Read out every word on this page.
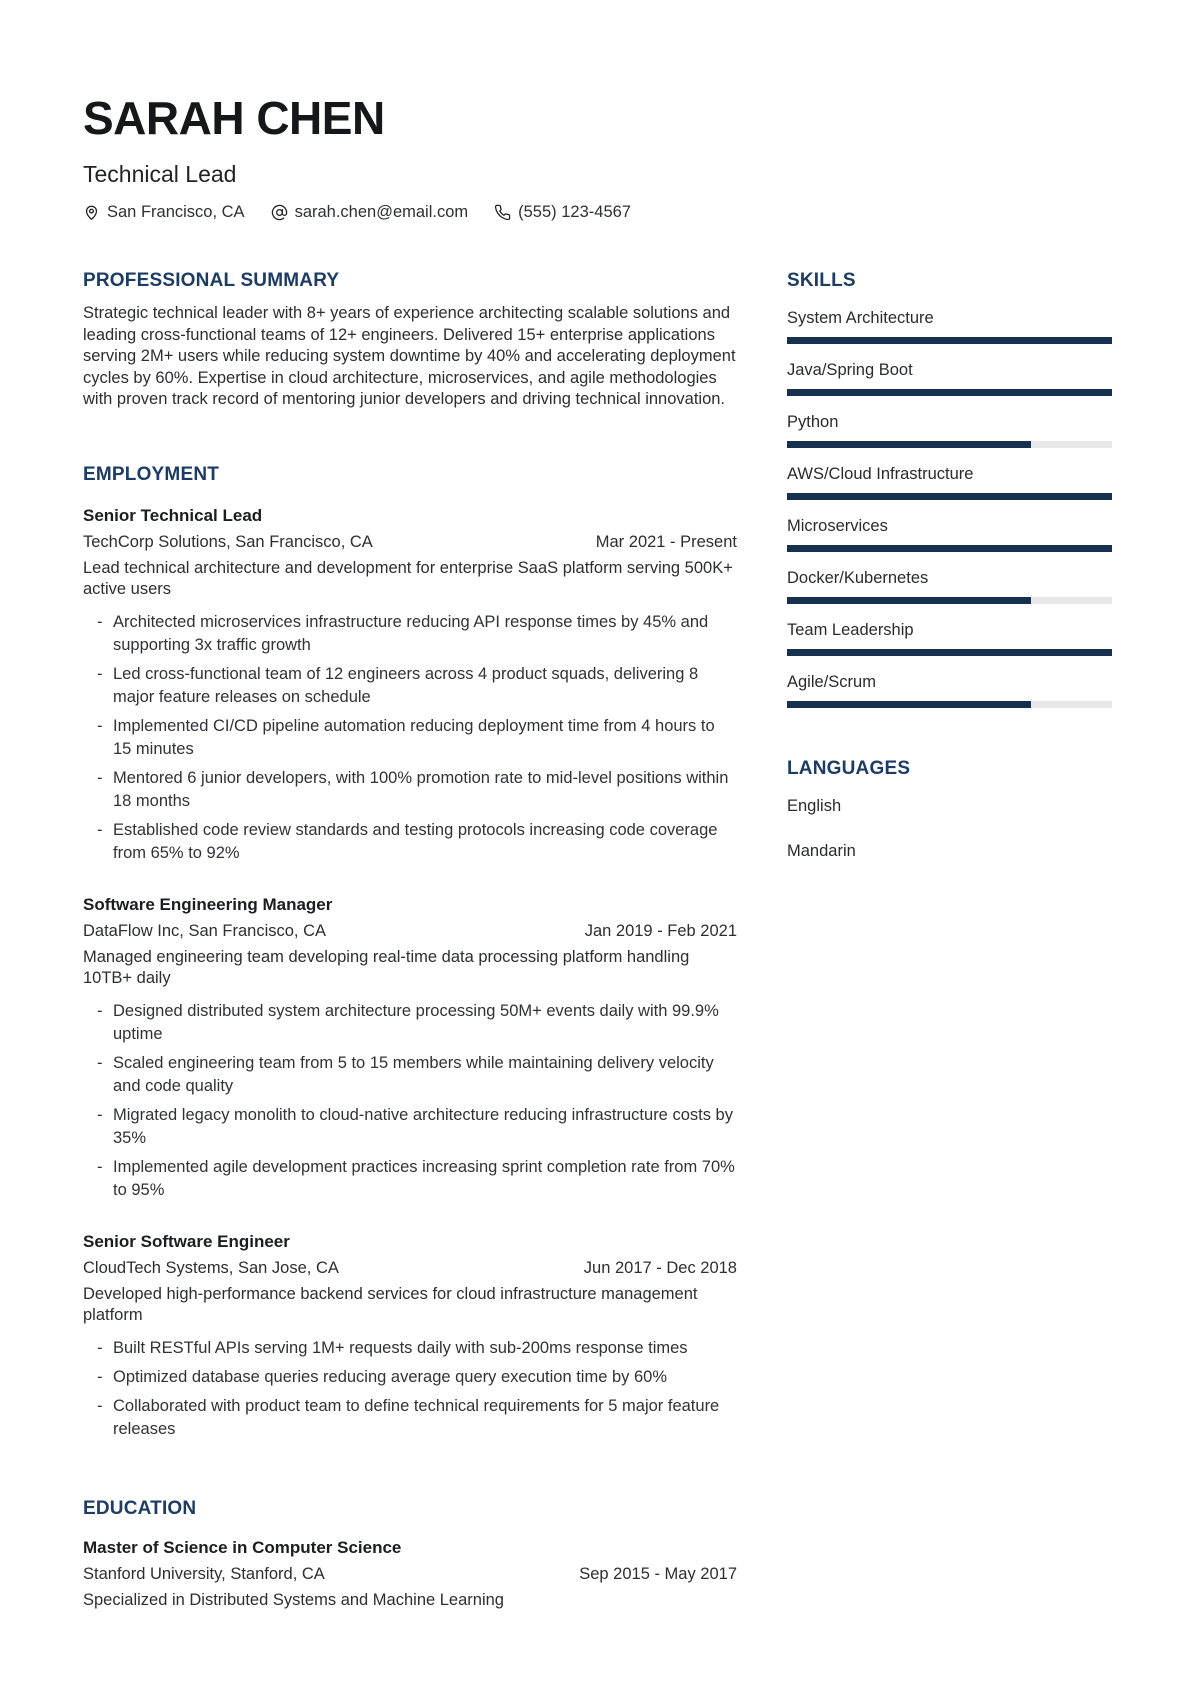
SARAH CHEN
Technical Lead
San Francisco, CA	sarah.chen@email.com	(555) 123-4567
PROFESSIONAL SUMMARY

Strategic technical leader with 8+ years of experience architecting scalable solutions and leading cross-functional teams of 12+ engineers. Delivered 15+ enterprise applications serving 2M+ users while reducing system downtime by 40% and accelerating deployment cycles by 60%. Expertise in cloud architecture, microservices, and agile methodologies with proven track record of mentoring junior developers and driving technical innovation.

EMPLOYMENT
Senior Technical Lead
TechCorp Solutions, San Francisco, CA	Mar 2021 - Present
Lead technical architecture and development for enterprise SaaS platform serving 500K+ active users
- Architected microservices infrastructure reducing API response times by 45% and supporting 3x traffic growth
- Led cross-functional team of 12 engineers across 4 product squads, delivering 8 major feature releases on schedule
- Implemented CI/CD pipeline automation reducing deployment time from 4 hours to 15 minutes
- Mentored 6 junior developers, with 100% promotion rate to mid-level positions within 18 months
- Established code review standards and testing protocols increasing code coverage from 65% to 92%
Software Engineering Manager
DataFlow Inc, San Francisco, CA	Jan 2019 - Feb 2021
Managed engineering team developing real-time data processing platform handling 10TB+ daily
- Designed distributed system architecture processing 50M+ events daily with 99.9% uptime
- Scaled engineering team from 5 to 15 members while maintaining delivery velocity and code quality
- Migrated legacy monolith to cloud-native architecture reducing infrastructure costs by 35%
- Implemented agile development practices increasing sprint completion rate from 70% to 95%
Senior Software Engineer
CloudTech Systems, San Jose, CA	Jun 2017 - Dec 2018
Developed high-performance backend services for cloud infrastructure management platform
- Built RESTful APIs serving 1M+ requests daily with sub-200ms response times
- Optimized database queries reducing average query execution time by 60%
- Collaborated with product team to define technical requirements for 5 major feature releases
EDUCATION
Master of Science in Computer Science
Stanford University, Stanford, CA	Sep 2015 - May 2017
Specialized in Distributed Systems and Machine Learning
SKILLS
System Architecture
Java/Spring Boot
Python
AWS/Cloud Infrastructure
Microservices
Docker/Kubernetes
Team Leadership
Agile/Scrum
LANGUAGES
English
Mandarin
